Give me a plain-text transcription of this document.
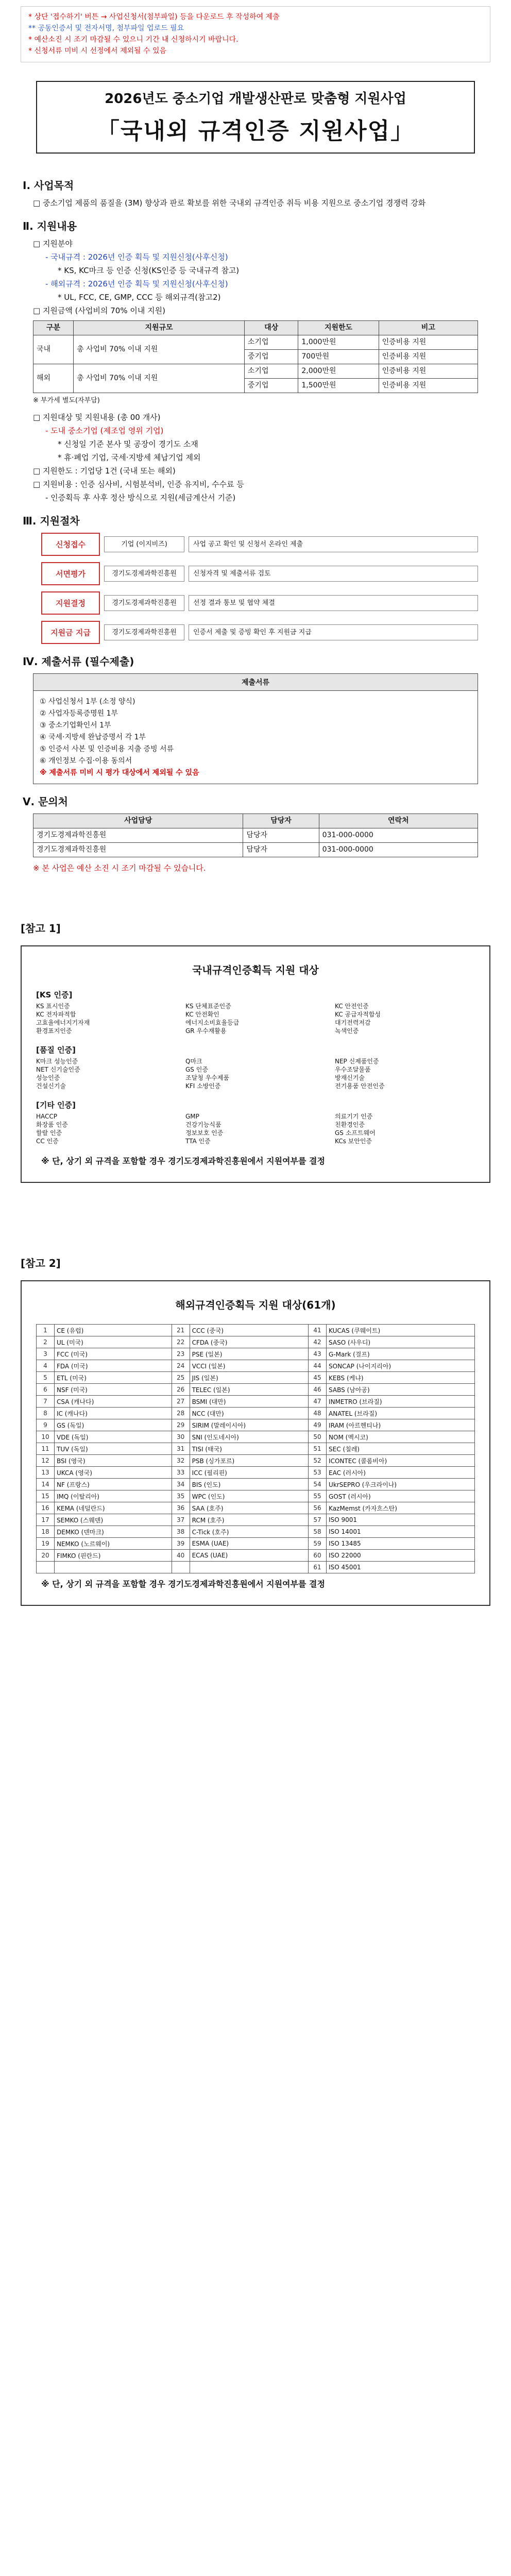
* 상단 '접수하기' 버튼 → 사업신청서(첨부파일) 등을 다운로드 후 작성하여 제출

** 공동인증서 및 전자서명, 첨부파일 업로드 필요

* 예산소진 시 조기 마감될 수 있으니 기간 내 신청하시기 바랍니다.

* 신청서류 미비 시 선정에서 제외될 수 있음

2026년도 중소기업 개발생산판로 맞춤형 지원사업
「국내외 규격인증 지원사업」
Ⅰ. 사업목적
□ 중소기업 제품의 품질을 (3M) 향상과 판로 확보를 위한 국내외 규격인증 취득 비용 지원으로 중소기업 경쟁력 강화
Ⅱ. 지원내용
□ 지원분야
- 국내규격 : 2026년 인증 획득 및 지원신청(사후신청)
* KS, KC마크 등 인증 신청(KS인증 등 국내규격 참고)
- 해외규격 : 2026년 인증 획득 및 지원신청(사후신청)
* UL, FCC, CE, GMP, CCC 등 해외규격(참고2)
□ 지원금액 (사업비의 70% 이내 지원)
구분	지원규모	대상	지원한도	비고
국내	총 사업비 70% 이내 지원	소기업	1,000만원	인증비용 지원
		중기업	700만원	인증비용 지원
해외	총 사업비 70% 이내 지원	소기업	2,000만원	인증비용 지원
		중기업	1,500만원	인증비용 지원
※ 부가세 별도(자부담)
□ 지원대상 및 지원내용 (총 00 개사)
- 도내 중소기업 (제조업 영위 기업)
* 신청일 기준 본사 및 공장이 경기도 소재
* 휴·폐업 기업, 국세·지방세 체납기업 제외
□ 지원한도 : 기업당 1건 (국내 또는 해외)
□ 지원비용 : 인증 심사비, 시험분석비, 인증 유지비, 수수료 등
- 인증획득 후 사후 정산 방식으로 지원(세금계산서 기준)
Ⅲ. 지원절차
신청접수	기업 (이지비즈)	사업 공고 확인 및 신청서 온라인 제출
서면평가	경기도경제과학진흥원	신청자격 및 제출서류 검토
지원결정	경기도경제과학진흥원	선정 결과 통보 및 협약 체결
지원금 지급	경기도경제과학진흥원	인증서 제출 및 증빙 확인 후 지원금 지급
Ⅳ. 제출서류 (필수제출)
제출서류

① 사업신청서 1부 (소정 양식)

② 사업자등록증명원 1부

③ 중소기업확인서 1부

④ 국세·지방세 완납증명서 각 1부

⑤ 인증서 사본 및 인증비용 지출 증빙 서류

⑥ 개인정보 수집·이용 동의서

※ 제출서류 미비 시 평가 대상에서 제외될 수 있음

Ⅴ. 문의처
사업담당	담당자	연락처
경기도경제과학진흥원	담당자	031-000-0000
경기도경제과학진흥원	담당자	031-000-0000
※ 본 사업은 예산 소진 시 조기 마감될 수 있습니다.
[참고 1]
국내규격인증획득 지원 대상
[KS 인증]
KS 표시인증	KS 단체표준인증	KC 안전인증
KC 전자파적합	KC 안전확인	KC 공급자적합성
고효율에너지기자재	에너지소비효율등급	대기전력저감
환경표지인증	GR 우수재활용	녹색인증
[품질 인증]
K마크 성능인증	Q마크	NEP 신제품인증
NET 신기술인증	GS 인증	우수조달물품
성능인증	조달청 우수제품	방재신기술
건설신기술	KFI 소방인증	전기용품 안전인증
[기타 인증]
HACCP	GMP	의료기기 인증
화장품 인증	건강기능식품	친환경인증
할랄 인증	정보보호 인증	GS 소프트웨어
CC 인증	TTA 인증	KCs 보안인증
※ 단, 상기 외 규격을 포함할 경우 경기도경제과학진흥원에서 지원여부를 결정
[참고 2]
해외규격인증획득 지원 대상(61개)
1	CE (유럽)	21	CCC (중국)	41	KUCAS (쿠웨이트)
2	UL (미국)	22	CFDA (중국)	42	SASO (사우디)
3	FCC (미국)	23	PSE (일본)	43	G-Mark (걸프)
4	FDA (미국)	24	VCCI (일본)	44	SONCAP (나이지리아)
5	ETL (미국)	25	JIS (일본)	45	KEBS (케냐)
6	NSF (미국)	26	TELEC (일본)	46	SABS (남아공)
7	CSA (캐나다)	27	BSMI (대만)	47	INMETRO (브라질)
8	IC (캐나다)	28	NCC (대만)	48	ANATEL (브라질)
9	GS (독일)	29	SIRIM (말레이시아)	49	IRAM (아르헨티나)
10	VDE (독일)	30	SNI (인도네시아)	50	NOM (멕시코)
11	TUV (독일)	31	TISI (태국)	51	SEC (칠레)
12	BSI (영국)	32	PSB (싱가포르)	52	ICONTEC (콜롬비아)
13	UKCA (영국)	33	ICC (필리핀)	53	EAC (러시아)
14	NF (프랑스)	34	BIS (인도)	54	UkrSEPRO (우크라이나)
15	IMQ (이탈리아)	35	WPC (인도)	55	GOST (러시아)
16	KEMA (네덜란드)	36	SAA (호주)	56	KazMemst (카자흐스탄)
17	SEMKO (스웨덴)	37	RCM (호주)	57	ISO 9001
18	DEMKO (덴마크)	38	C-Tick (호주)	58	ISO 14001
19	NEMKO (노르웨이)	39	ESMA (UAE)	59	ISO 13485
20	FIMKO (핀란드)	40	ECAS (UAE)	60	ISO 22000
				61	ISO 45001
※ 단, 상기 외 규격을 포함할 경우 경기도경제과학진흥원에서 지원여부를 결정
